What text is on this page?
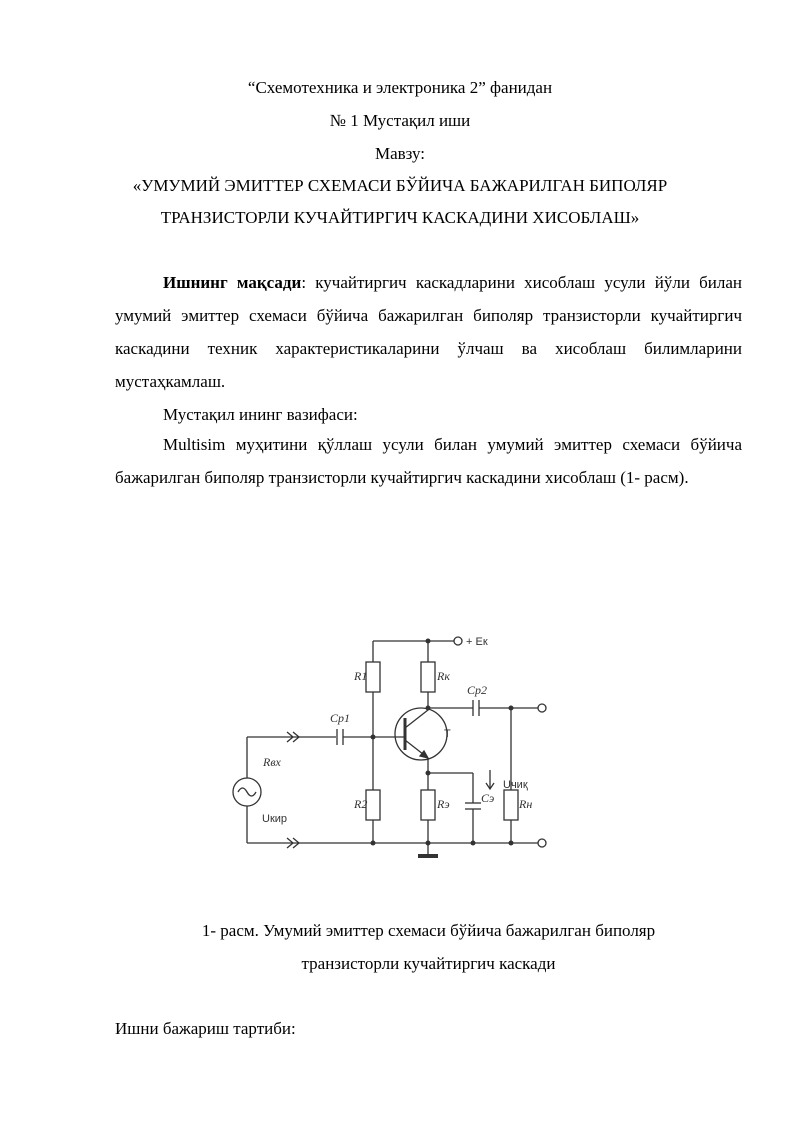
“Схемотехника и электроника 2” фанидан
№ 1 Мустақил иши
Мавзу:
«УМУМИЙ ЭМИТТЕР СХЕМАСИ БЎЙИЧА БАЖАРИЛГАН БИПОЛЯР
ТРАНЗИСТОРЛИ КУЧАЙТИРГИЧ КАСКАДИНИ ХИСОБЛАШ»

Ишнинг мақсади: кучайтиргич каскадларини хисоблаш усули йўли билан умумий эмиттер схемаси бўйича бажарилган биполяр транзисторли кучайтиргич каскадини техник характеристикаларини ўлчаш ва хисоблаш билимларини мустаҳкамлаш.

Мустақил ининг вазифаси:

Multisim муҳитини қўллаш усули билан умумий эмиттер схемаси бўйича бажарилган биполяр транзисторли кучайтиргич каскадини хисоблаш (1- расм).

+ Eк
R1	Rк
Cp1
Cp2
T
Rвх
Uкир
R2	Rэ	Cэ Rн
Uчиқ
1- расм. Умумий эмиттер схемаси бўйича бажарилган биполяр
транзисторли кучайтиргич каскади

Ишни бажариш тартиби:
